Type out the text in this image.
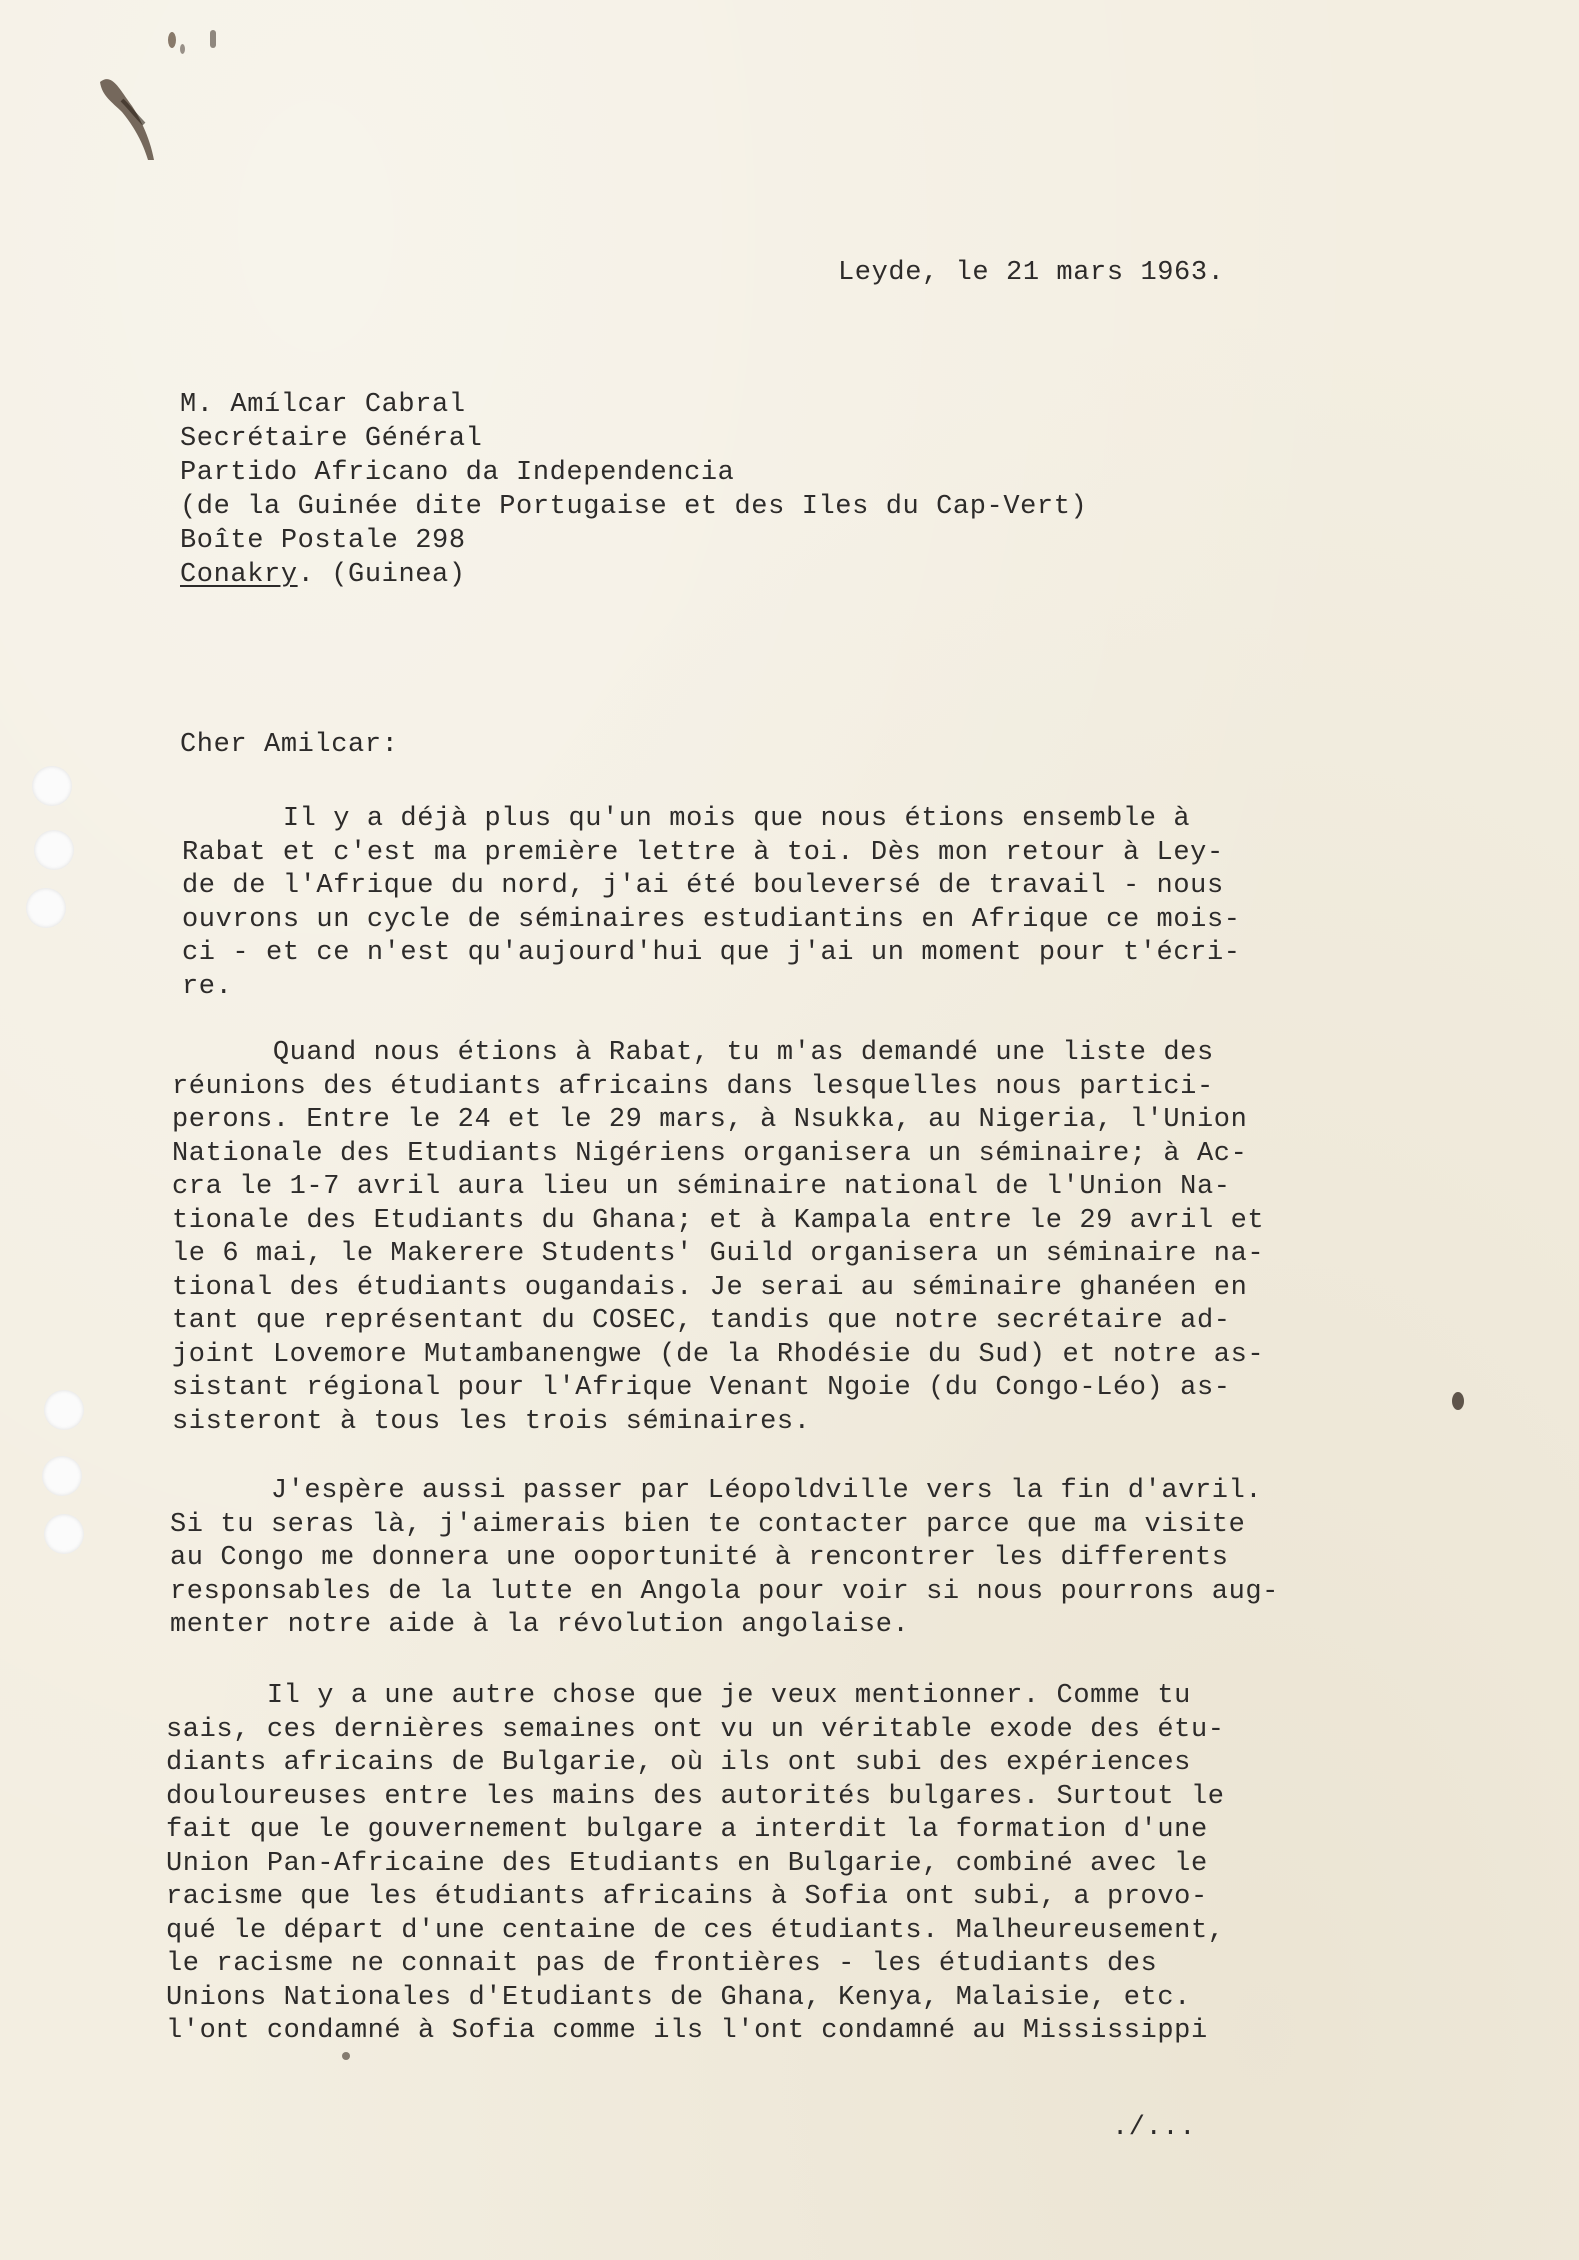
Leyde, le 21 mars 1963.
M. Amílcar Cabral
Secrétaire Général
Partido Africano da Independencia
(de la Guinée dite Portugaise et des Iles du Cap-Vert)
Boîte Postale 298
Conakry. (Guinea)
Cher Amilcar:
Il y a déjà plus qu'un mois que nous étions ensemble à
Rabat et c'est ma première lettre à toi. Dès mon retour à Ley-
de de l'Afrique du nord, j'ai été bouleversé de travail - nous
ouvrons un cycle de séminaires estudiantins en Afrique ce mois-
ci - et ce n'est qu'aujourd'hui que j'ai un moment pour t'écri-
re.
Quand nous étions à Rabat, tu m'as demandé une liste des
réunions des étudiants africains dans lesquelles nous partici-
perons. Entre le 24 et le 29 mars, à Nsukka, au Nigeria, l'Union
Nationale des Etudiants Nigériens organisera un séminaire; à Ac-
cra le 1-7 avril aura lieu un séminaire national de l'Union Na-
tionale des Etudiants du Ghana; et à Kampala entre le 29 avril et
le 6 mai, le Makerere Students' Guild organisera un séminaire na-
tional des étudiants ougandais. Je serai au séminaire ghanéen en
tant que représentant du COSEC, tandis que notre secrétaire ad-
joint Lovemore Mutambanengwe (de la Rhodésie du Sud) et notre as-
sistant régional pour l'Afrique Venant Ngoie (du Congo-Léo) as-
sisteront à tous les trois séminaires.
J'espère aussi passer par Léopoldville vers la fin d'avril.
Si tu seras là, j'aimerais bien te contacter parce que ma visite
au Congo me donnera une ooportunité à rencontrer les differents
responsables de la lutte en Angola pour voir si nous pourrons aug-
menter notre aide à la révolution angolaise.
Il y a une autre chose que je veux mentionner. Comme tu
sais, ces dernières semaines ont vu un véritable exode des étu-
diants africains de Bulgarie, où ils ont subi des expériences
douloureuses entre les mains des autorités bulgares. Surtout le
fait que le gouvernement bulgare a interdit la formation d'une
Union Pan-Africaine des Etudiants en Bulgarie, combiné avec le
racisme que les étudiants africains à Sofia ont subi, a provo-
qué le départ d'une centaine de ces étudiants. Malheureusement,
le racisme ne connait pas de frontières - les étudiants des
Unions Nationales d'Etudiants de Ghana, Kenya, Malaisie, etc.
l'ont condamné à Sofia comme ils l'ont condamné au Mississippi
./...
